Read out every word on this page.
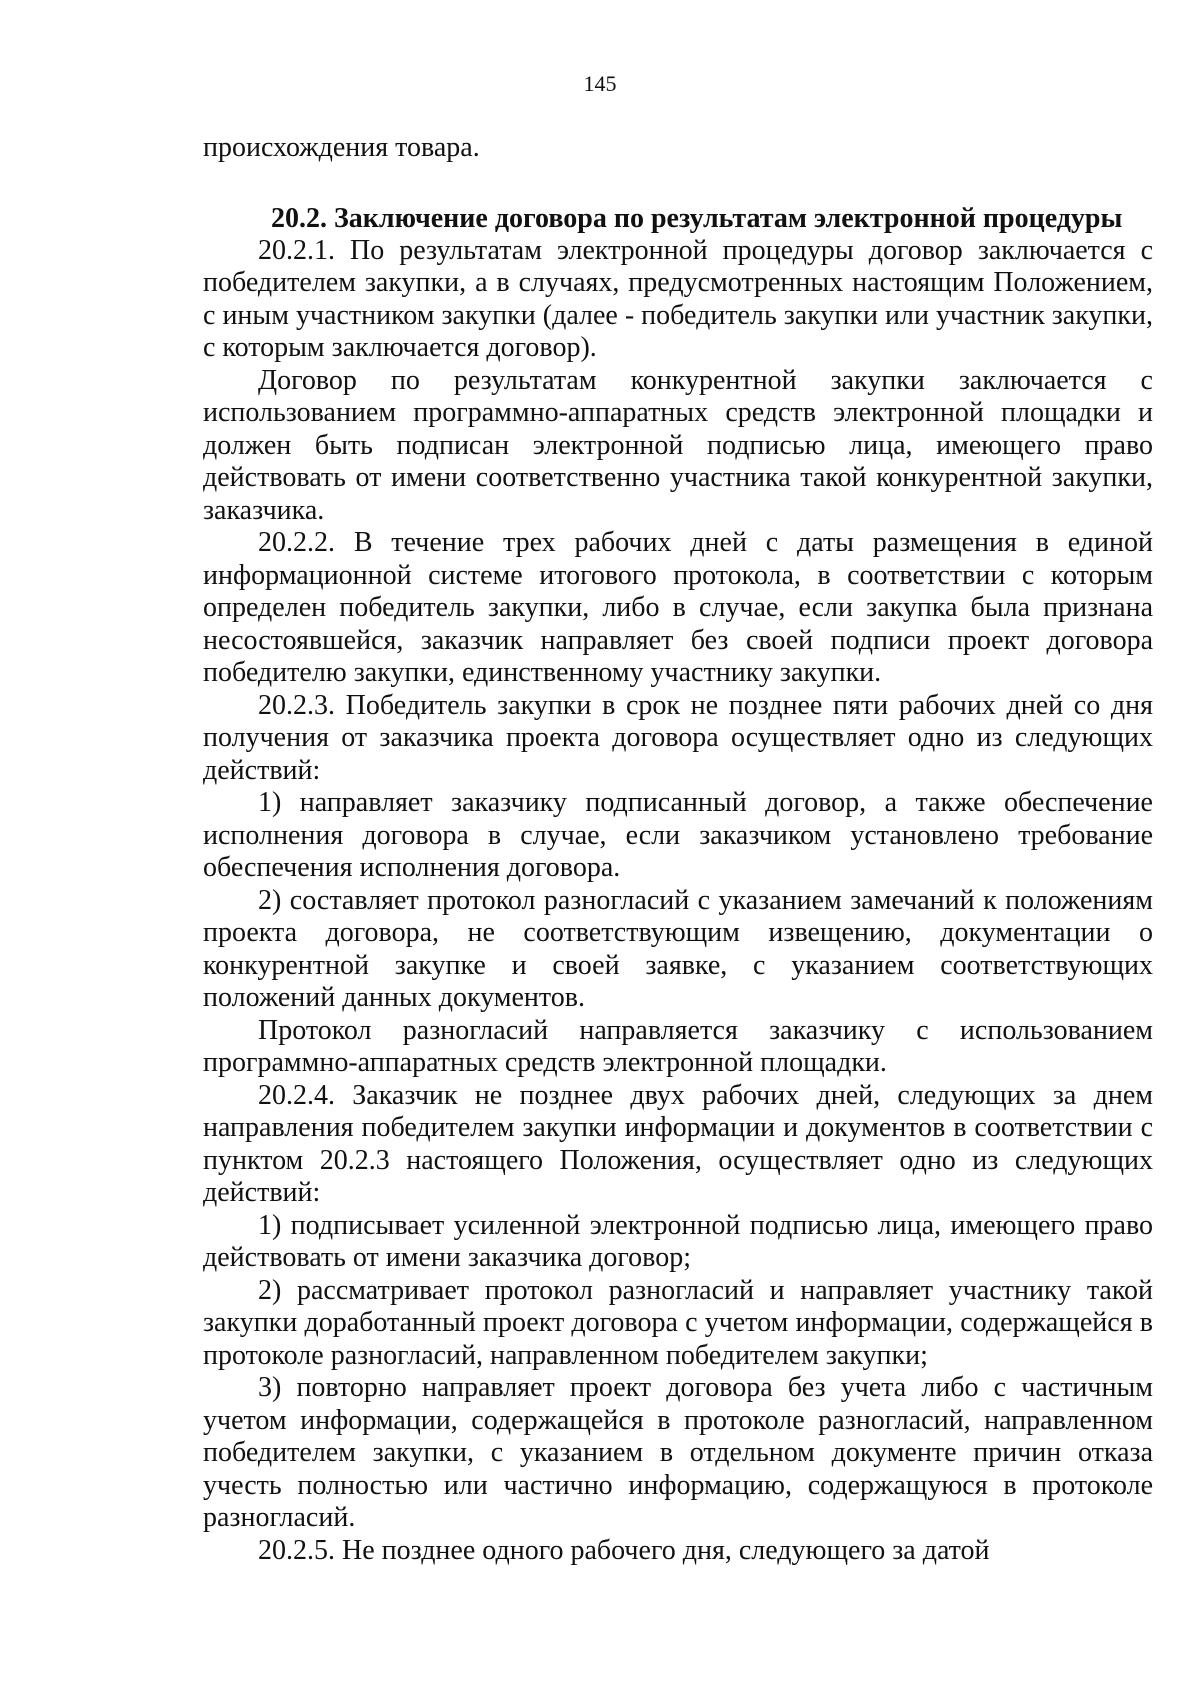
145

происхождения товара.

20.2. Заключение договора по результатам электронной процедуры

20.2.1. По результатам электронной процедуры договор заключается с победителем закупки, а в случаях, предусмотренных настоящим Положением, с иным участником закупки (далее - победитель закупки или участник закупки, с которым заключается договор).

Договор по результатам конкурентной закупки заключается с использованием программно-аппаратных средств электронной площадки и должен быть подписан электронной подписью лица, имеющего право действовать от имени соответственно участника такой конкурентной закупки, заказчика.

20.2.2. В течение трех рабочих дней с даты размещения в единой информационной системе итогового протокола, в соответствии с которым определен победитель закупки, либо в случае, если закупка была признана несостоявшейся, заказчик направляет без своей подписи проект договора победителю закупки, единственному участнику закупки.

20.2.3. Победитель закупки в срок не позднее пяти рабочих дней со дня получения от заказчика проекта договора осуществляет одно из следующих действий:

1) направляет заказчику подписанный договор, а также обеспечение исполнения договора в случае, если заказчиком установлено требование обеспечения исполнения договора.

2) составляет протокол разногласий с указанием замечаний к положениям проекта договора, не соответствующим извещению, документации о конкурентной закупке и своей заявке, с указанием соответствующих положений данных документов.

Протокол разногласий направляется заказчику с использованием программно-аппаратных средств электронной площадки.

20.2.4. Заказчик не позднее двух рабочих дней, следующих за днем направления победителем закупки информации и документов в соответствии с пунктом 20.2.3 настоящего Положения, осуществляет одно из следующих действий:

1) подписывает усиленной электронной подписью лица, имеющего право действовать от имени заказчика договор;

2) рассматривает протокол разногласий и направляет участнику такой закупки доработанный проект договора с учетом информации, содержащейся в протоколе разногласий, направленном победителем закупки;

3) повторно направляет проект договора без учета либо с частичным учетом информации, содержащейся в протоколе разногласий, направленном победителем закупки, с указанием в отдельном документе причин отказа учесть полностью или частично информацию, содержащуюся в протоколе разногласий.

20.2.5. Не позднее одного рабочего дня, следующего за датой
